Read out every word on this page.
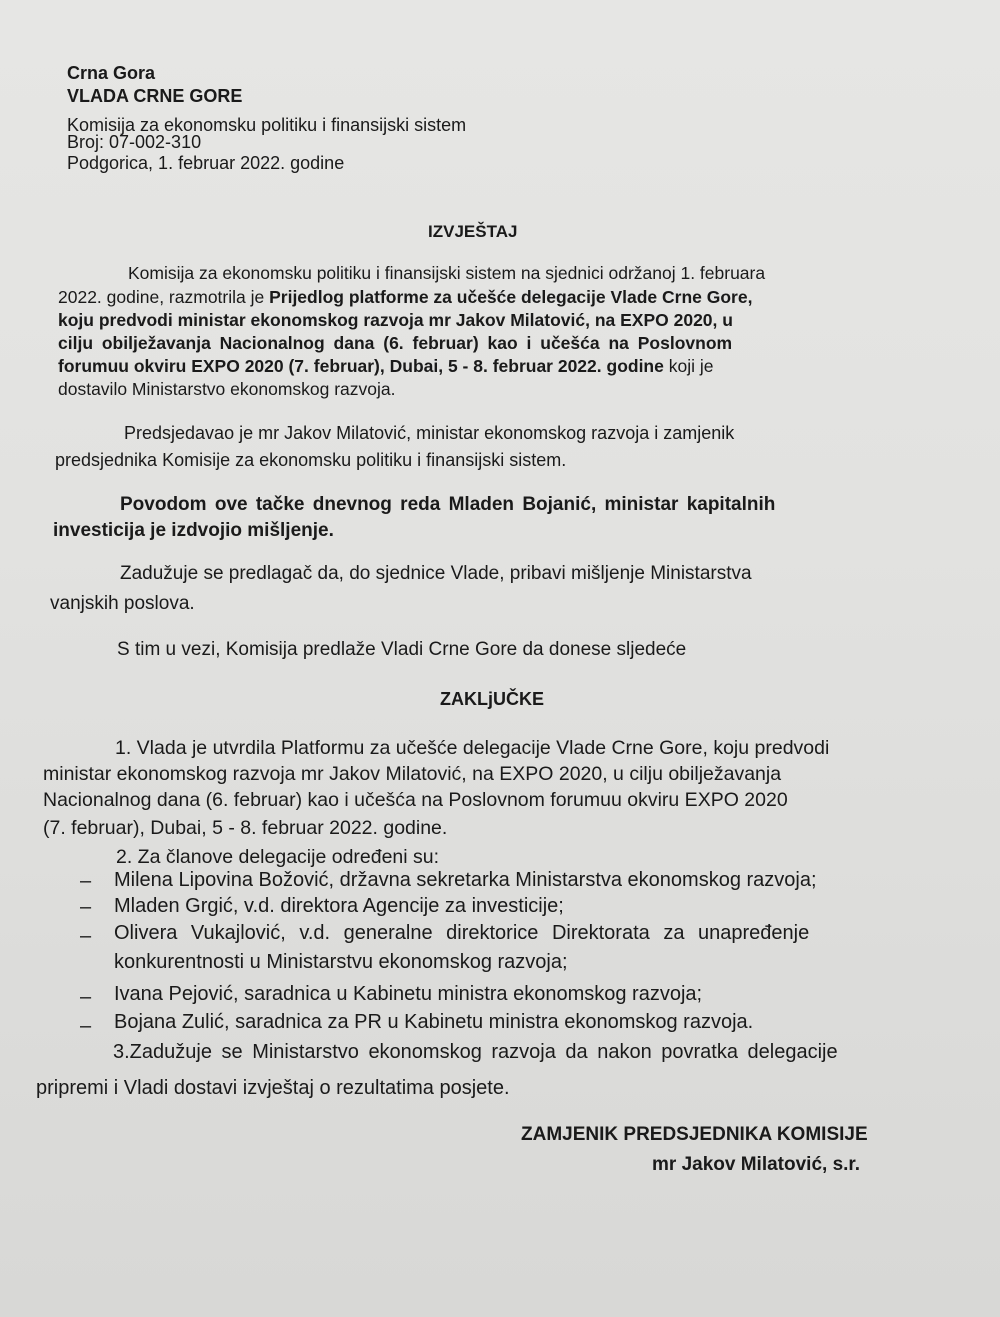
Crna Gora
VLADA CRNE GORE
Komisija za ekonomsku politiku i finansijski sistem
Broj: 07-002-310
Podgorica, 1. februar 2022. godine
IZVJEŠTAJ
Komisija za ekonomsku politiku i finansijski sistem na sjednici održanoj 1. februara
2022. godine, razmotrila je Prijedlog platforme za učešće delegacije Vlade Crne Gore,
koju predvodi ministar ekonomskog razvoja mr Jakov Milatović, na EXPO 2020, u
cilju obilježavanja Nacionalnog dana (6. februar) kao i učešća na Poslovnom
forumuu okviru EXPO 2020 (7. februar), Dubai, 5 - 8. februar 2022. godine koji je
dostavilo Ministarstvo ekonomskog razvoja.
Predsjedavao je mr Jakov Milatović, ministar ekonomskog razvoja i zamjenik
predsjednika Komisije za ekonomsku politiku i finansijski sistem.
Povodom ove tačke dnevnog reda Mladen Bojanić, ministar kapitalnih
investicija je izdvojio mišljenje.
Zadužuje se predlagač da, do sjednice Vlade, pribavi mišljenje Ministarstva
vanjskih poslova.
S tim u vezi, Komisija predlaže Vladi Crne Gore da donese sljedeće
ZAKLjUČKE
1. Vlada je utvrdila Platformu za učešće delegacije Vlade Crne Gore, koju predvodi
ministar ekonomskog razvoja mr Jakov Milatović, na EXPO 2020, u cilju obilježavanja
Nacionalnog dana (6. februar) kao i učešća na Poslovnom forumuu okviru EXPO 2020
(7. februar), Dubai, 5 - 8. februar 2022. godine.
2. Za članove delegacije određeni su:
– Milena Lipovina Božović, državna sekretarka Ministarstva ekonomskog razvoja;
– Mladen Grgić, v.d. direktora Agencije za investicije;
– Olivera Vukajlović, v.d. generalne direktorice Direktorata za unapređenje
konkurentnosti u Ministarstvu ekonomskog razvoja;
– Ivana Pejović, saradnica u Kabinetu ministra ekonomskog razvoja;
– Bojana Zulić, saradnica za PR u Kabinetu ministra ekonomskog razvoja.
3.Zadužuje se Ministarstvo ekonomskog razvoja da nakon povratka delegacije
pripremi i Vladi dostavi izvještaj o rezultatima posjete.
ZAMJENIK PREDSJEDNIKA KOMISIJE
mr Jakov Milatović, s.r.
